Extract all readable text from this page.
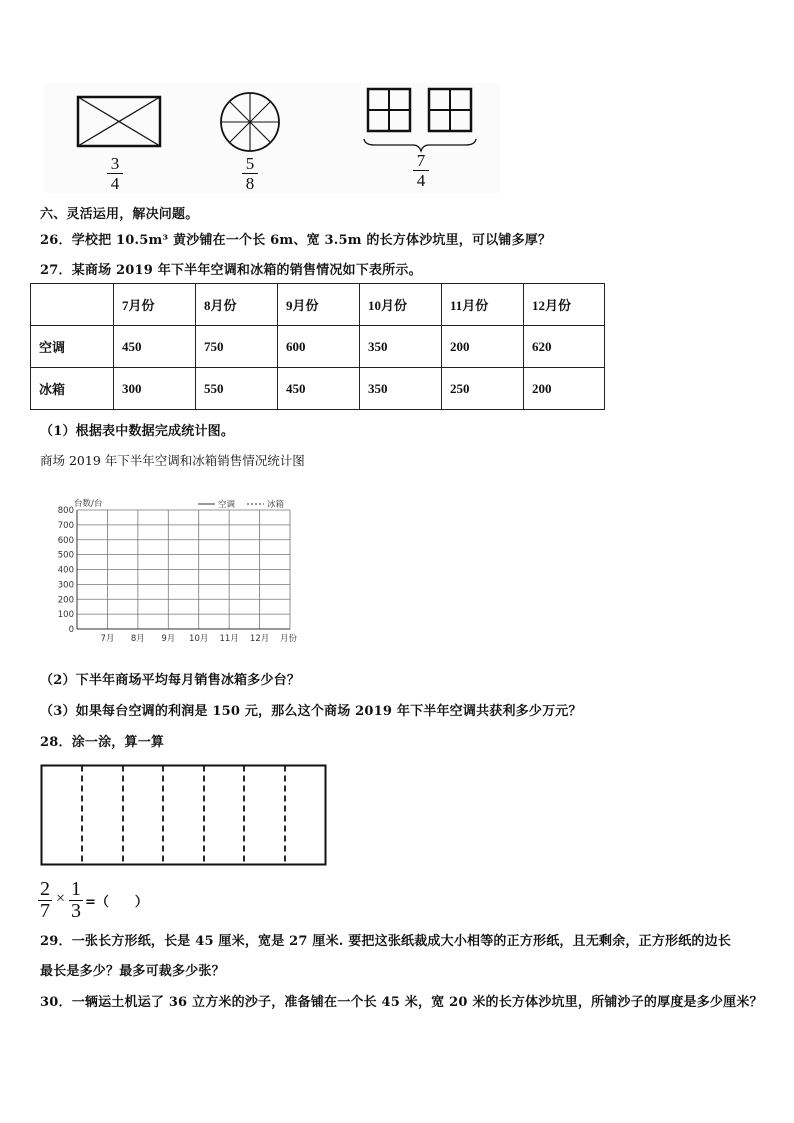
3
4
5
8
7
4
六、灵活运用，解决问题。
26．学校把 10.5m³ 黄沙铺在一个长 6m、宽 3.5m 的长方体沙坑里，可以铺多厚？
27．某商场 2019 年下半年空调和冰箱的销售情况如下表所示。
	7月份	8月份	9月份	10月份	11月份	12月份
空调	450	750	600	350	200	620
冰箱	300	550	450	350	250	200
（1）根据表中数据完成统计图。
商场 2019 年下半年空调和冰箱销售情况统计图
0
100
200
300
400
500
600
700
800
7月 8月 9月 10月 11月 12月
台数/台	空调	冰箱
月份
（2）下半年商场平均每月销售冰箱多少台？
（3）如果每台空调的利润是 150 元，那么这个商场 2019 年下半年空调共获利多少万元？
28．涂一涂，算一算
2
7
× 1
3 =（　　）
29．一张长方形纸，长是 45 厘米，宽是 27 厘米. 要把这张纸裁成大小相等的正方形纸，且无剩余，正方形纸的边长
最长是多少？最多可裁多少张？
30．一辆运土机运了 36 立方米的沙子，准备铺在一个长 45 米，宽 20 米的长方体沙坑里，所铺沙子的厚度是多少厘米？
